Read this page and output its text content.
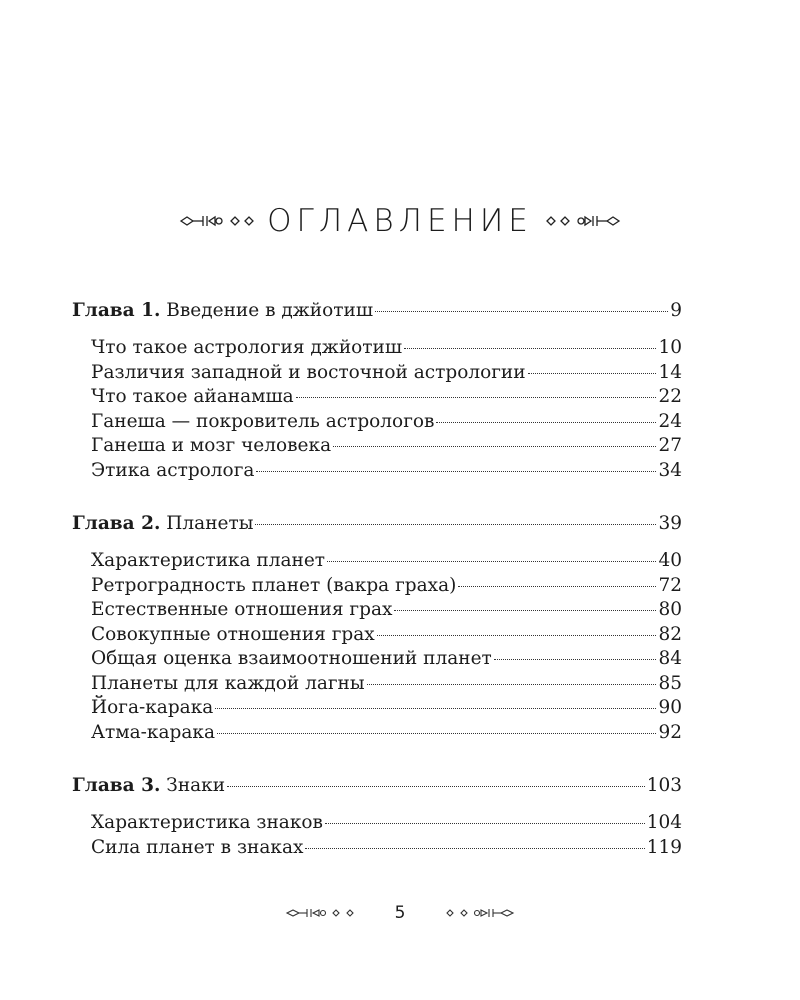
ОГЛАВЛЕНИЕ
Глава 1. Введение в джйотиш	9
Что такое астрология джйотиш	10
Различия западной и восточной астрологии	14
Что такое айанамша	22
Ганеша — покровитель астрологов	24
Ганеша и мозг человека	27
Этика астролога	34
Глава 2. Планеты	39
Характеристика планет	40
Ретроградность планет (вакра граха)	72
Естественные отношения грах	80
Совокупные отношения грах	82
Общая оценка взаимоотношений планет	84
Планеты для каждой лагны	85
Йога-карака	90
Атма-карака	92
Глава 3. Знаки	103
Характеристика знаков	104
Сила планет в знаках	119
5
